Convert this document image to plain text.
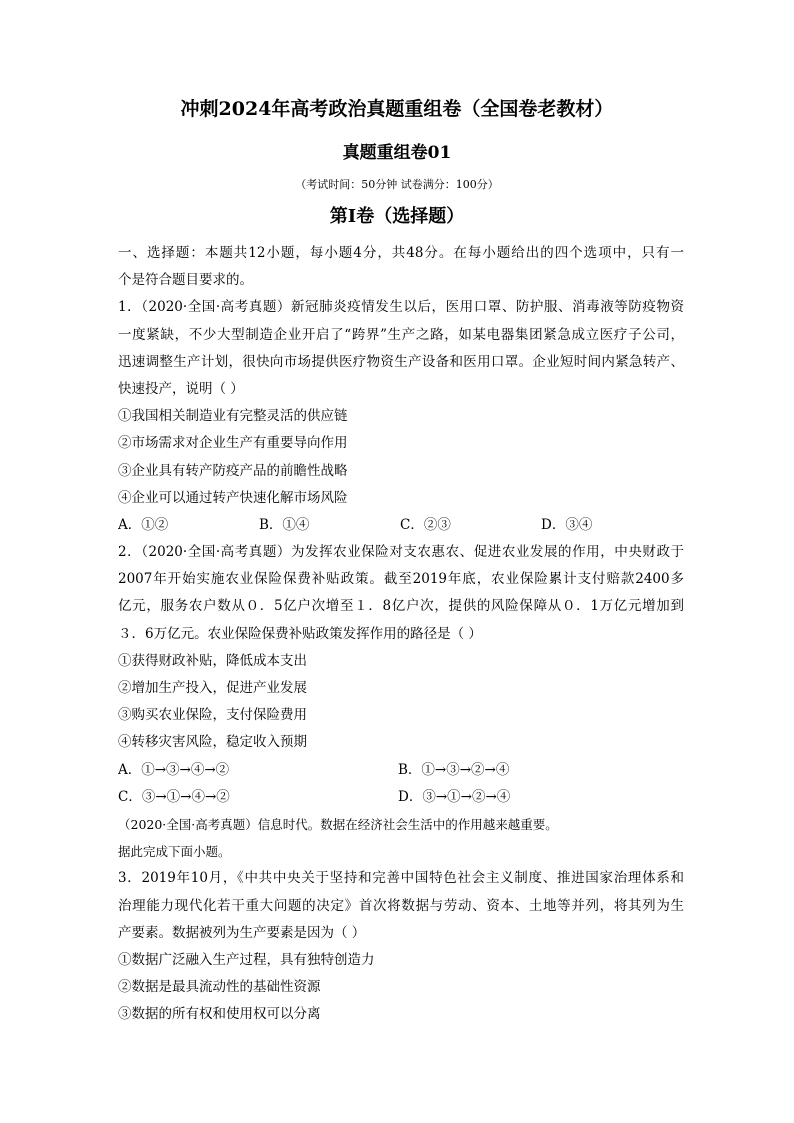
冲刺2024年高考政治真题重组卷（全国卷老教材）
真题重组卷01
（考试时间：50分钟 试卷满分：100分）
第I卷（选择题）
一、选择题：本题共12小题，每小题4分，共48分。在每小题给出的四个选项中，只有一
个是符合题目要求的。
1．（2020·全国·高考真题）新冠肺炎疫情发生以后，医用口罩、防护服、消毒液等防疫物资
一度紧缺，不少大型制造企业开启了“跨界”生产之路，如某电器集团紧急成立医疗子公司，
迅速调整生产计划，很快向市场提供医疗物资生产设备和医用口罩。企业短时间内紧急转产、
快速投产，说明（ ）
①我国相关制造业有完整灵活的供应链
②市场需求对企业生产有重要导向作用
③企业具有转产防疫产品的前瞻性战略
④企业可以通过转产快速化解市场风险
A．①②	B．①④	C．②③	D．③④
2．（2020·全国·高考真题）为发挥农业保险对支农惠农、促进农业发展的作用，中央财政于
2007年开始实施农业保险保费补贴政策。截至2019年底，农业保险累计支付赔款2400多
亿元，服务农户数从０．5亿户次增至１．8亿户次，提供的风险保障从０．1万亿元增加到
３．6万亿元。农业保险保费补贴政策发挥作用的路径是（ ）
①获得财政补贴，降低成本支出
②增加生产投入，促进产业发展
③购买农业保险，支付保险费用
④转移灾害风险，稳定收入预期
A．①→③→④→②	B．①→③→②→④
C．③→①→④→②	D．③→①→②→④
（2020·全国·高考真题）信息时代。数据在经济社会生活中的作用越来越重要。
据此完成下面小题。
3．2019年10月，《中共中央关于坚持和完善中国特色社会主义制度、推进国家治理体系和
治理能力现代化若干重大问题的决定》首次将数据与劳动、资本、土地等并列，将其列为生
产要素。数据被列为生产要素是因为（ ）
①数据广泛融入生产过程，具有独特创造力
②数据是最具流动性的基础性资源
③数据的所有权和使用权可以分离
